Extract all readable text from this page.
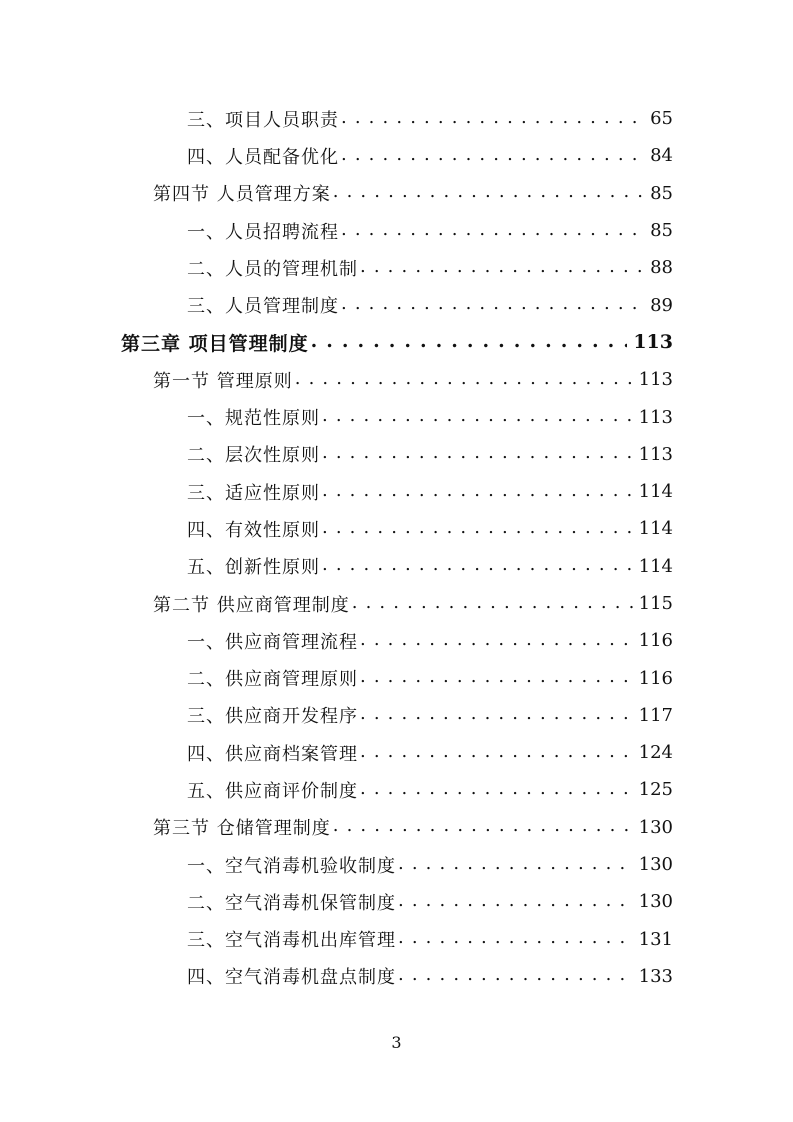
三、项目人员职责 . . .	65
四、人员配备优化 . . .	84
第四节 人员管理方案 . . .	85
一、人员招聘流程 . . .	85
二、人员的管理机制 . . .	88
三、人员管理制度 . . .	89
第三章 项目管理制度 . . .	113
第一节 管理原则 . . .	113
一、规范性原则 . . .	113
二、层次性原则 . . .	113
三、适应性原则 . . .	114
四、有效性原则 . . .	114
五、创新性原则 . . .	114
第二节 供应商管理制度 . . .	115
一、供应商管理流程 . . .	116
二、供应商管理原则 . . .	116
三、供应商开发程序 . . .	117
四、供应商档案管理 . . .	124
五、供应商评价制度 . . .	125
第三节 仓储管理制度 . . .	130
一、空气消毒机验收制度 . . .	130
二、空气消毒机保管制度 . . .	130
三、空气消毒机出库管理 . . .	131
四、空气消毒机盘点制度 . . .	133
3
